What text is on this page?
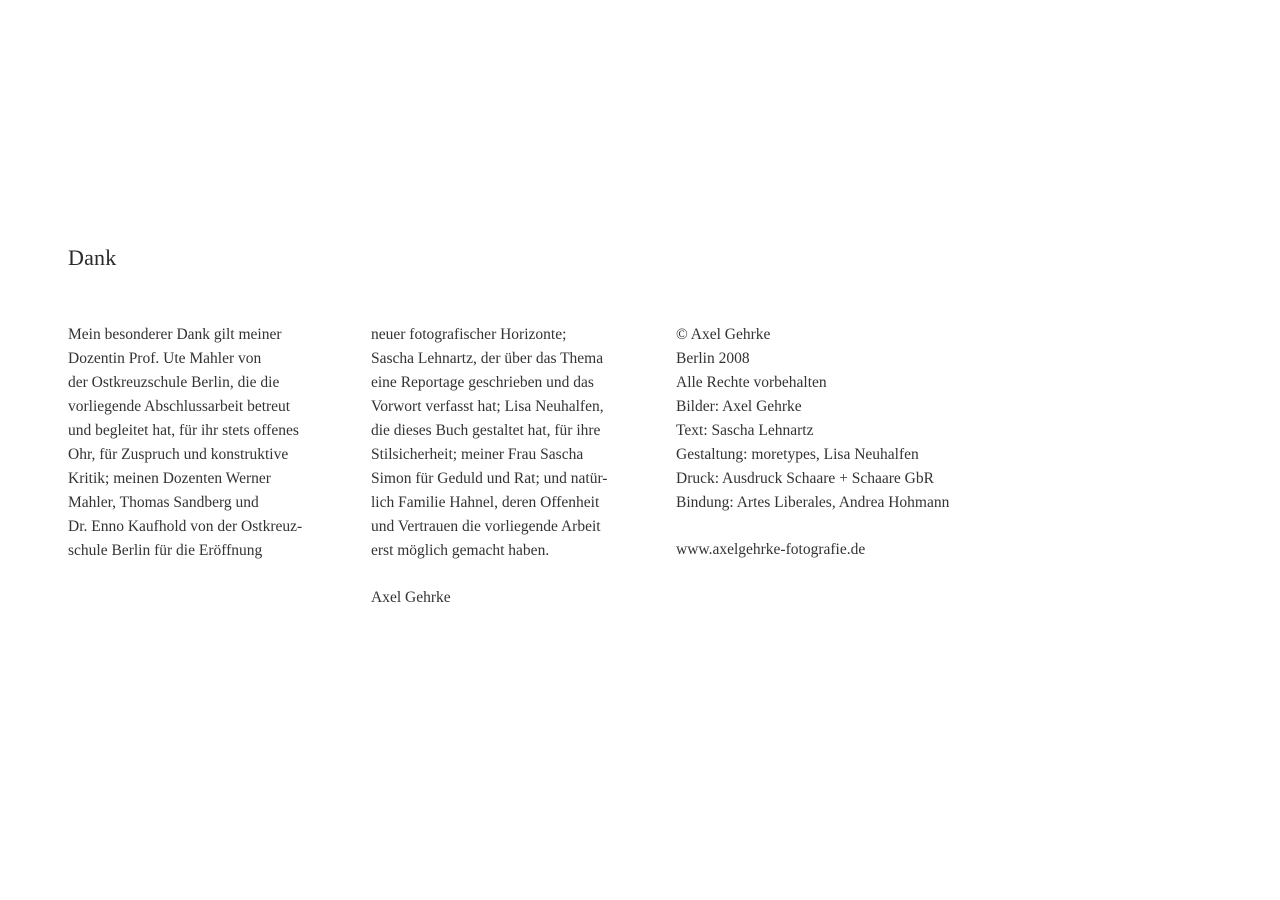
Dank
Mein besonderer Dank gilt meiner
Dozentin Prof. Ute Mahler von
der Ostkreuzschule Berlin, die die
vorliegende Abschlussarbeit betreut
und begleitet hat, für ihr stets offenes
Ohr, für Zuspruch und konstruktive
Kritik; meinen Dozenten Werner
Mahler, Thomas Sandberg und
Dr. Enno Kaufhold von der Ostkreuz-
schule Berlin für die Eröffnung
neuer fotografischer Horizonte;
Sascha Lehnartz, der über das Thema
eine Reportage geschrieben und das
Vorwort verfasst hat; Lisa Neuhalfen,
die dieses Buch gestaltet hat, für ihre
Stilsicherheit; meiner Frau Sascha
Simon für Geduld und Rat; und natür-
lich Familie Hahnel, deren Offenheit
und Vertrauen die vorliegende Arbeit
erst möglich gemacht haben.
Axel Gehrke
© Axel Gehrke
Berlin 2008
Alle Rechte vorbehalten
Bilder: Axel Gehrke
Text: Sascha Lehnartz
Gestaltung: moretypes, Lisa Neuhalfen
Druck: Ausdruck Schaare + Schaare GbR
Bindung: Artes Liberales, Andrea Hohmann
www.axelgehrke-fotografie.de
